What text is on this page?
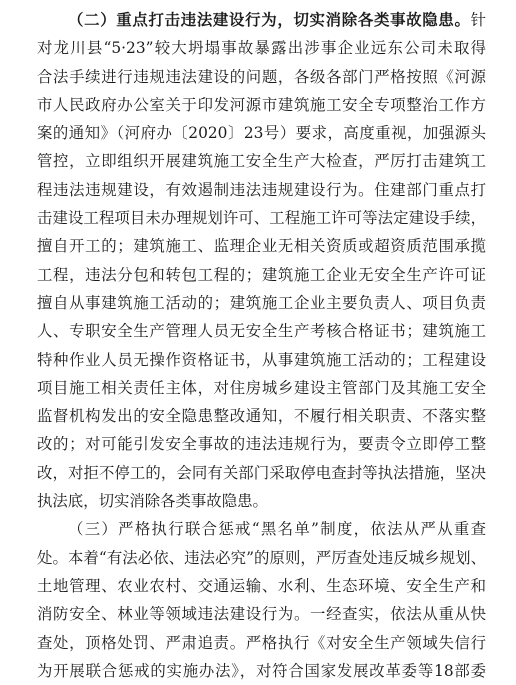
（二）重点打击违法建设行为，切实消除各类事故隐患。针
对龙川县“5·23”较大坍塌事故暴露出涉事企业远东公司未取得
合法手续进行违规违法建设的问题，各级各部门严格按照《河源
市人民政府办公室关于印发河源市建筑施工安全专项整治工作方
案的通知》（河府办〔2020〕23号）要求，高度重视，加强源头
管控，立即组织开展建筑施工安全生产大检查，严厉打击建筑工
程违法违规建设，有效遏制违法违规建设行为。住建部门重点打
击建设工程项目未办理规划许可、工程施工许可等法定建设手续，
擅自开工的；建筑施工、监理企业无相关资质或超资质范围承揽
工程，违法分包和转包工程的；建筑施工企业无安全生产许可证
擅自从事建筑施工活动的；建筑施工企业主要负责人、项目负责
人、专职安全生产管理人员无安全生产考核合格证书；建筑施工
特种作业人员无操作资格证书，从事建筑施工活动的；工程建设
项目施工相关责任主体，对住房城乡建设主管部门及其施工安全
监督机构发出的安全隐患整改通知，不履行相关职责、不落实整
改的；对可能引发安全事故的违法违规行为，要责令立即停工整
改，对拒不停工的，会同有关部门采取停电查封等执法措施，坚决
执法底，切实消除各类事故隐患。

（三）严格执行联合惩戒“黑名单”制度，依法从严从重查
处。本着“有法必依、违法必究”的原则，严厉查处违反城乡规划、
土地管理、农业农村、交通运输、水利、生态环境、安全生产和
消防安全、林业等领域违法建设行为。一经查实，依法从重从快
查处，顶格处罚、严肃追责。严格执行《对安全生产领域失信行
为开展联合惩戒的实施办法》，对符合国家发展改革委等18部委
